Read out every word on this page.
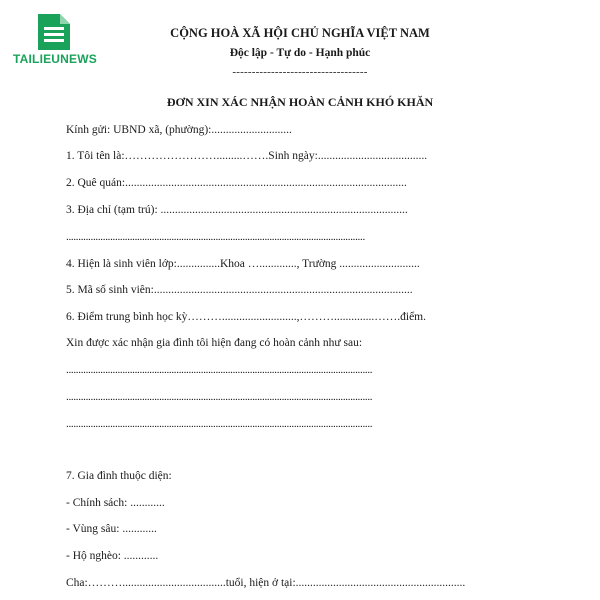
TAILIEUNEWS
CỘNG HOÀ XÃ HỘI CHỦ NGHĨA VIỆT NAM
Độc lập - Tự do - Hạnh phúc
-----------------------------------
ĐƠN XIN XÁC NHẬN HOÀN CẢNH KHÓ KHĂN
Kính gửi: UBND xã, (phường):............................
1. Tôi tên là:…………………….........…….Sinh ngày:......................................
2. Quê quán:..................................................................................................
3. Địa chỉ (tạm trú): ......................................................................................
..........................................................................................................................
4. Hiện là sinh viên lớp:...............Khoa …............., Trường ............................
5. Mã số sinh viên:..........................................................................................
6. Điểm trung bình học kỳ………..........................,………..............…….điểm.
Xin được xác nhận gia đình tôi hiện đang có hoàn cảnh như sau:
.............................................................................................................................
.............................................................................................................................
.............................................................................................................................
7. Gia đình thuộc diện:
- Chính sách: ............
- Vùng sâu: ............
- Hộ nghèo: ............
Cha:………....................................tuổi, hiện ở tại:...........................................................
